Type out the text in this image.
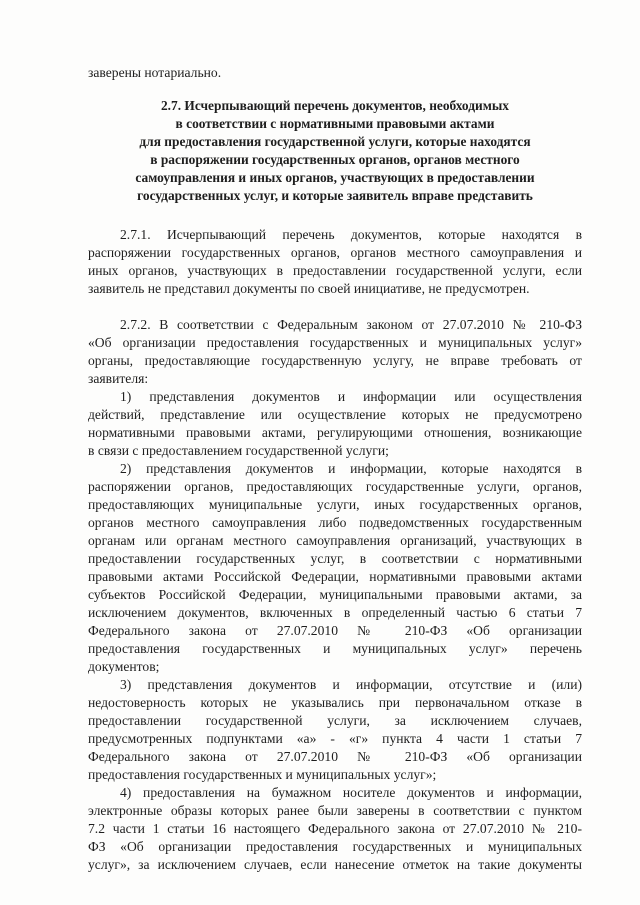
заверены нотариально.
2.7. Исчерпывающий перечень документов, необходимых
в соответствии с нормативными правовыми актами
для предоставления государственной услуги, которые находятся
в распоряжении государственных органов, органов местного
самоуправления и иных органов, участвующих в предоставлении
государственных услуг, и которые заявитель вправе представить
2.7.1. Исчерпывающий перечень документов, которые находятся в
распоряжении государственных органов, органов местного самоуправления и
иных органов, участвующих в предоставлении государственной услуги, если
заявитель не представил документы по своей инициативе, не предусмотрен.
2.7.2. В соответствии с Федеральным законом от 27.07.2010 № 210-ФЗ
«Об организации предоставления государственных и муниципальных услуг»
органы, предоставляющие государственную услугу, не вправе требовать от
заявителя:
1) представления документов и информации или осуществления
действий, представление или осуществление которых не предусмотрено
нормативными правовыми актами, регулирующими отношения, возникающие
в связи с предоставлением государственной услуги;
2) представления документов и информации, которые находятся в
распоряжении органов, предоставляющих государственные услуги, органов,
предоставляющих муниципальные услуги, иных государственных органов,
органов местного самоуправления либо подведомственных государственным
органам или органам местного самоуправления организаций, участвующих в
предоставлении государственных услуг, в соответствии с нормативными
правовыми актами Российской Федерации, нормативными правовыми актами
субъектов Российской Федерации, муниципальными правовыми актами, за
исключением документов, включенных в определенный частью 6 статьи 7
Федерального закона от 27.07.2010 № 210-ФЗ «Об организации
предоставления государственных и муниципальных услуг» перечень
документов;
3) представления документов и информации, отсутствие и (или)
недостоверность которых не указывались при первоначальном отказе в
предоставлении государственной услуги, за исключением случаев,
предусмотренных подпунктами «а» - «г» пункта 4 части 1 статьи 7
Федерального закона от 27.07.2010 № 210-ФЗ «Об организации
предоставления государственных и муниципальных услуг»;
4) предоставления на бумажном носителе документов и информации,
электронные образы которых ранее были заверены в соответствии с пунктом
7.2 части 1 статьи 16 настоящего Федерального закона от 27.07.2010 № 210-
ФЗ «Об организации предоставления государственных и муниципальных
услуг», за исключением случаев, если нанесение отметок на такие документы
